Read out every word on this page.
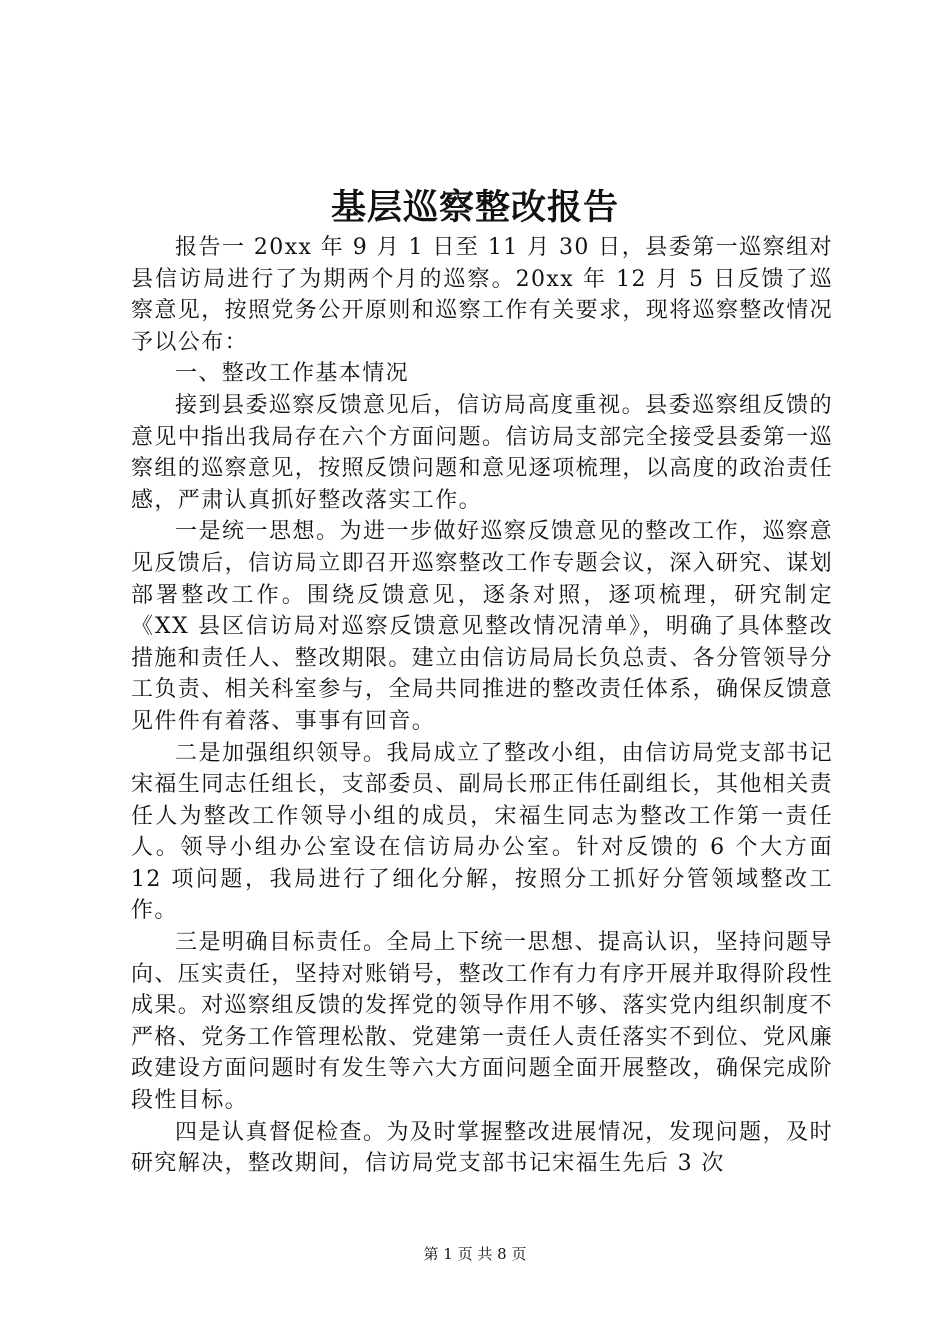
基层巡察整改报告

报告一 20xx 年 9 月 1 日至 11 月 30 日，县委第一巡察组对县信访局进行了为期两个月的巡察。20xx 年 12 月 5 日反馈了巡察意见，按照党务公开原则和巡察工作有关要求，现将巡察整改情况予以公布：

一、整改工作基本情况

接到县委巡察反馈意见后，信访局高度重视。县委巡察组反馈的意见中指出我局存在六个方面问题。信访局支部完全接受县委第一巡察组的巡察意见，按照反馈问题和意见逐项梳理，以高度的政治责任感，严肃认真抓好整改落实工作。

一是统一思想。为进一步做好巡察反馈意见的整改工作，巡察意见反馈后，信访局立即召开巡察整改工作专题会议，深入研究、谋划部署整改工作。围绕反馈意见，逐条对照，逐项梳理，研究制定《XX 县区信访局对巡察反馈意见整改情况清单》，明确了具体整改措施和责任人、整改期限。建立由信访局局长负总责、各分管领导分工负责、相关科室参与，全局共同推进的整改责任体系，确保反馈意见件件有着落、事事有回音。

二是加强组织领导。我局成立了整改小组，由信访局党支部书记宋福生同志任组长，支部委员、副局长邢正伟任副组长，其他相关责任人为整改工作领导小组的成员，宋福生同志为整改工作第一责任人。领导小组办公室设在信访局办公室。针对反馈的 6 个大方面 12 项问题，我局进行了细化分解，按照分工抓好分管领域整改工作。

三是明确目标责任。全局上下统一思想、提高认识，坚持问题导向、压实责任，坚持对账销号，整改工作有力有序开展并取得阶段性成果。对巡察组反馈的发挥党的领导作用不够、落实党内组织制度不严格、党务工作管理松散、党建第一责任人责任落实不到位、党风廉政建设方面问题时有发生等六大方面问题全面开展整改，确保完成阶段性目标。

四是认真督促检查。为及时掌握整改进展情况，发现问题，及时研究解决，整改期间，信访局党支部书记宋福生先后 3 次

第 1 页 共 8 页
